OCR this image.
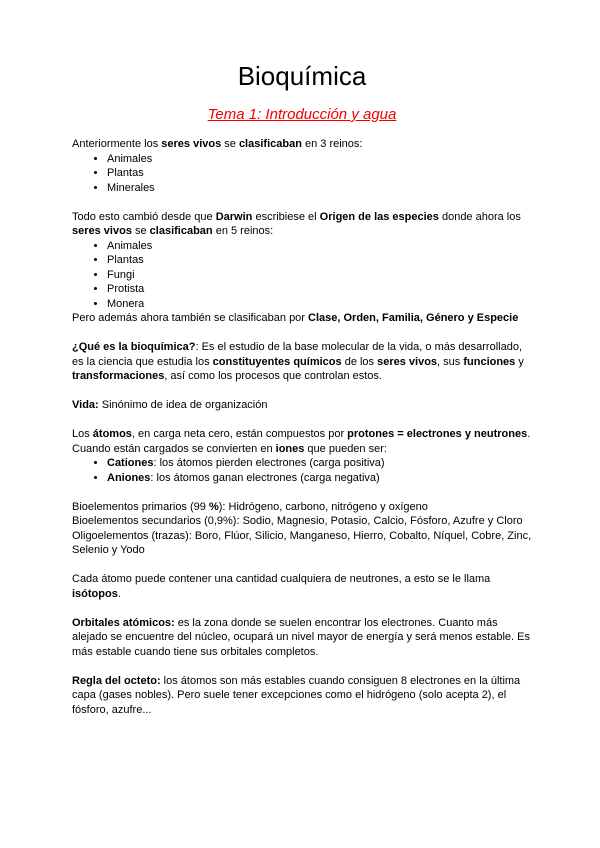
Bioquímica
Tema 1: Introducción y agua

Anteriormente los seres vivos se clasificaban en 3 reinos:

• Animales
• Plantas
• Minerales

Todo esto cambió desde que Darwin escribiese el Origen de las especies donde ahora los seres vivos se clasificaban en 5 reinos:

• Animales
• Plantas
• Fungi
• Protista
• Monera

Pero además ahora también se clasificaban por Clase, Orden, Familia, Género y Especie

¿Qué es la bioquímica?: Es el estudio de la base molecular de la vida, o más desarrollado, es la ciencia que estudia los constituyentes químicos de los seres vivos, sus funciones y transformaciones, así como los procesos que controlan estos.

Vida: Sinónimo de idea de organización

Los átomos, en carga neta cero, están compuestos por protones = electrones y neutrones. Cuando están cargados se convierten en iones que pueden ser:

• Cationes: los átomos pierden electrones (carga positiva)
• Aniones: los átomos ganan electrones (carga negativa)

Bioelementos primarios (99 %): Hidrógeno, carbono, nitrógeno y oxígeno

Bioelementos secundarios (0,9%): Sodio, Magnesio, Potasio, Calcio, Fósforo, Azufre y Cloro

Oligoelementos (trazas): Boro, Flúor, Silicio, Manganeso, Hierro, Cobalto, Níquel, Cobre, Zinc, Selenio y Yodo

Cada átomo puede contener una cantidad cualquiera de neutrones, a esto se le llama isótopos.

Orbitales atómicos: es la zona donde se suelen encontrar los electrones. Cuanto más alejado se encuentre del núcleo, ocupará un nivel mayor de energía y será menos estable. Es más estable cuando tiene sus orbitales completos.

Regla del octeto: los átomos son más estables cuando consiguen 8 electrones en la última capa (gases nobles). Pero suele tener excepciones como el hidrógeno (solo acepta 2), el fósforo, azufre...
